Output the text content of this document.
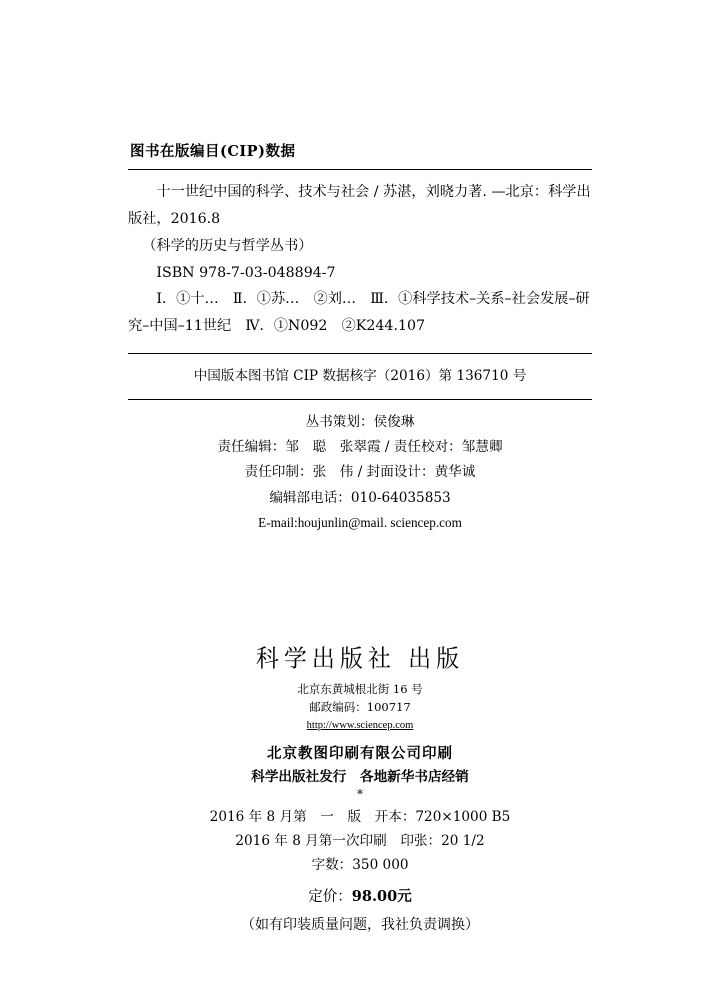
图书在版编目(CIP)数据

十一世纪中国的科学、技术与社会 / 苏湛，刘晓力著. —北京：科学出

版社，2016.8

（科学的历史与哲学丛书）

ISBN 978-7-03-048894-7

Ⅰ．①十…　Ⅱ．①苏…　②刘…　Ⅲ．①科学技术–关系–社会发展–研

究–中国–11世纪　Ⅳ．①N092　②K244.107

中国版本图书馆 CIP 数据核字（2016）第 136710 号

丛书策划：侯俊琳

责任编辑：邹　聪　张翠霞 / 责任校对：邹慧卿

责任印制：张　伟 / 封面设计：黄华诚

编辑部电话：010-64035853

E-mail:houjunlin@mail. sciencep.com

科学出版社 出版

北京东黄城根北街 16 号

邮政编码：100717

http://www.sciencep.com

北京教图印刷有限公司印刷

科学出版社发行　各地新华书店经销

*

2016 年 8 月第　一　版　开本：720×1000 B5

2016 年 8 月第一次印刷　印张：20 1/2

字数：350 000

定价：98.00元

（如有印装质量问题，我社负责调换）
